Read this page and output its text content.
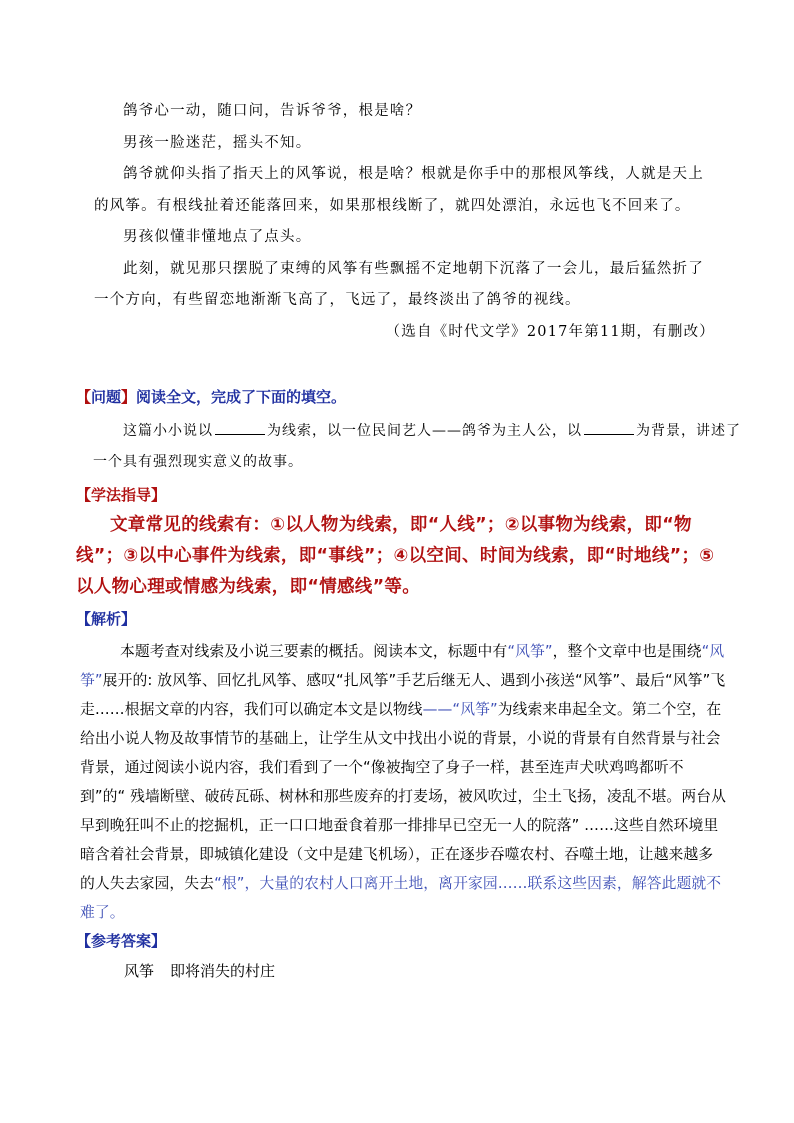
鸽爷心一动，随口问，告诉爷爷，根是啥？

男孩一脸迷茫，摇头不知。

鸽爷就仰头指了指天上的风筝说，根是啥？根就是你手中的那根风筝线，人就是天上的风筝。有根线扯着还能落回来，如果那根线断了，就四处漂泊，永远也飞不回来了。

男孩似懂非懂地点了点头。

此刻，就见那只摆脱了束缚的风筝有些飘摇不定地朝下沉落了一会儿，最后猛然折了一个方向，有些留恋地渐渐飞高了，飞远了，最终淡出了鸽爷的视线。

（选自《时代文学》2017年第11期，有删改）

【问题】阅读全文，完成了下面的填空。

这篇小小说以	为线索，以一位民间艺人——鸽爷为主人公，以	为背景，讲述了一个具有强烈现实意义的故事。

【学法指导】

文章常见的线索有：①以人物为线索，即“人线”；②以事物为线索，即“物线”；③以中心事件为线索，即“事线”；④以空间、时间为线索，即“时地线”；⑤以人物心理或情感为线索，即“情感线”等。

【解析】

本题考查对线索及小说三要素的概括。阅读本文，标题中有“风筝”，整个文章中也是围绕“风筝”展开的: 放风筝、回忆扎风筝、感叹“扎风筝”手艺后继无人、遇到小孩送“风筝”、最后“风筝”飞走……根据文章的内容，我们可以确定本文是以物线——“风筝”为线索来串起全文。第二个空，在给出小说人物及故事情节的基础上，让学生从文中找出小说的背景，小说的背景有自然背景与社会背景，通过阅读小说内容，我们看到了一个“像被掏空了身子一样，甚至连声犬吠鸡鸣都听不到”的“ 残墙断壁、破砖瓦砾、树林和那些废弃的打麦场，被风吹过，尘土飞扬，凌乱不堪。两台从早到晚狂叫不止的挖掘机，正一口口地蚕食着那一排排早已空无一人的院落” ……这些自然环境里暗含着社会背景，即城镇化建设（文中是建飞机场），正在逐步吞噬农村、吞噬土地，让越来越多的人失去家园，失去“根”，大量的农村人口离开土地，离开家园……联系这些因素，解答此题就不难了。

【参考答案】

风筝 即将消失的村庄
